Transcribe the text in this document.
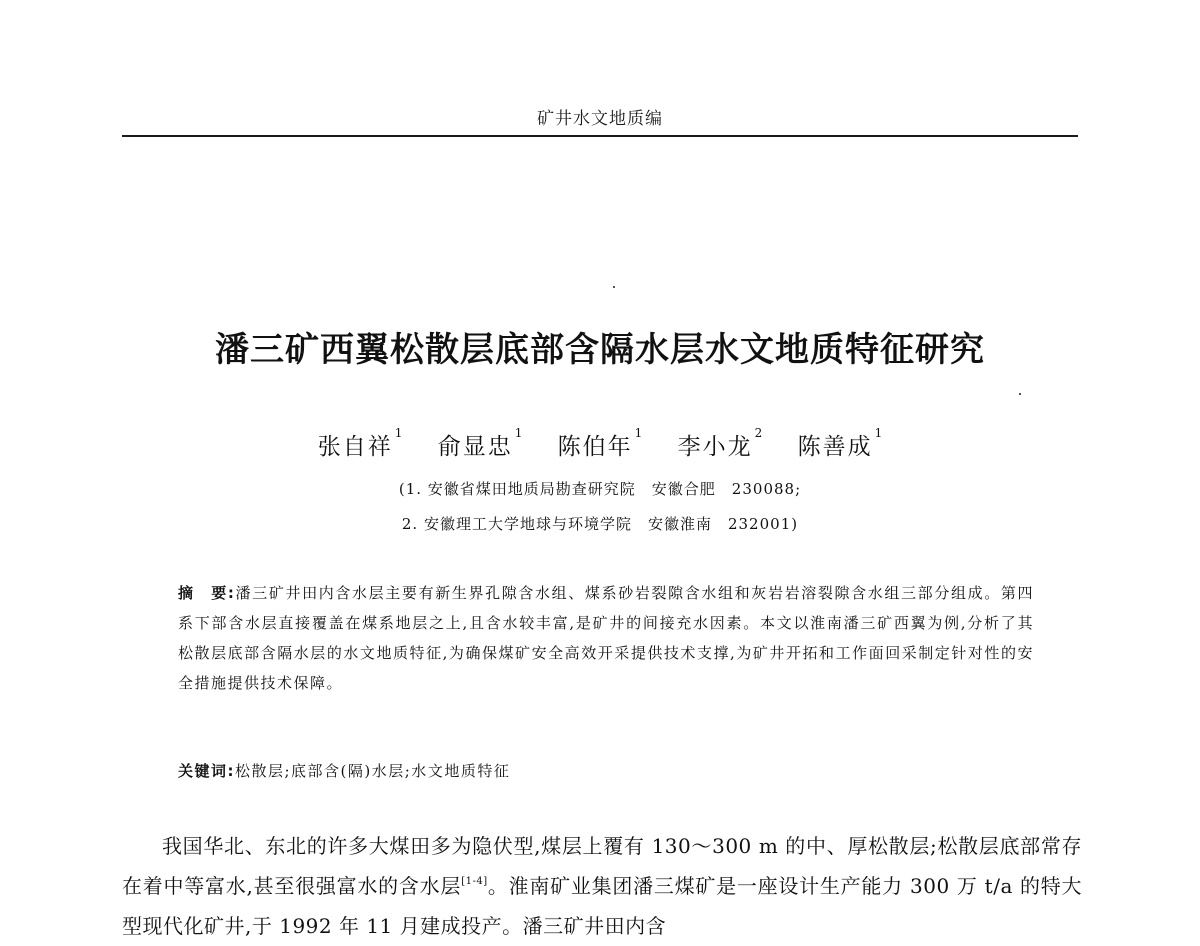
矿井水文地质编
潘三矿西翼松散层底部含隔水层水文地质特征研究
张自祥$^1$ 俞显忠$^1$ 陈伯年$^1$ 李小龙$^2$ 陈善成$^1$
(1. 安徽省煤田地质局勘查研究院　安徽合肥　230088;
2. 安徽理工大学地球与环境学院　安徽淮南　232001)
摘　要:潘三矿井田内含水层主要有新生界孔隙含水组、煤系砂岩裂隙含水组和灰岩岩溶裂隙含水组三部分组成。第四系下部含水层直接覆盖在煤系地层之上,且含水较丰富,是矿井的间接充水因素。本文以淮南潘三矿西翼为例,分析了其松散层底部含隔水层的水文地质特征,为确保煤矿安全高效开采提供技术支撑,为矿井开拓和工作面回采制定针对性的安全措施提供技术保障。
关键词:松散层;底部含(隔)水层;水文地质特征
我国华北、东北的许多大煤田多为隐伏型,煤层上覆有 130～300 m 的中、厚松散层;松散层底部常存在着中等富水,甚至很强富水的含水层[1-4]。淮南矿业集团潘三煤矿是一座设计生产能力 300 万 t/a 的特大型现代化矿井,于 1992 年 11 月建成投产。潘三矿井田内含
